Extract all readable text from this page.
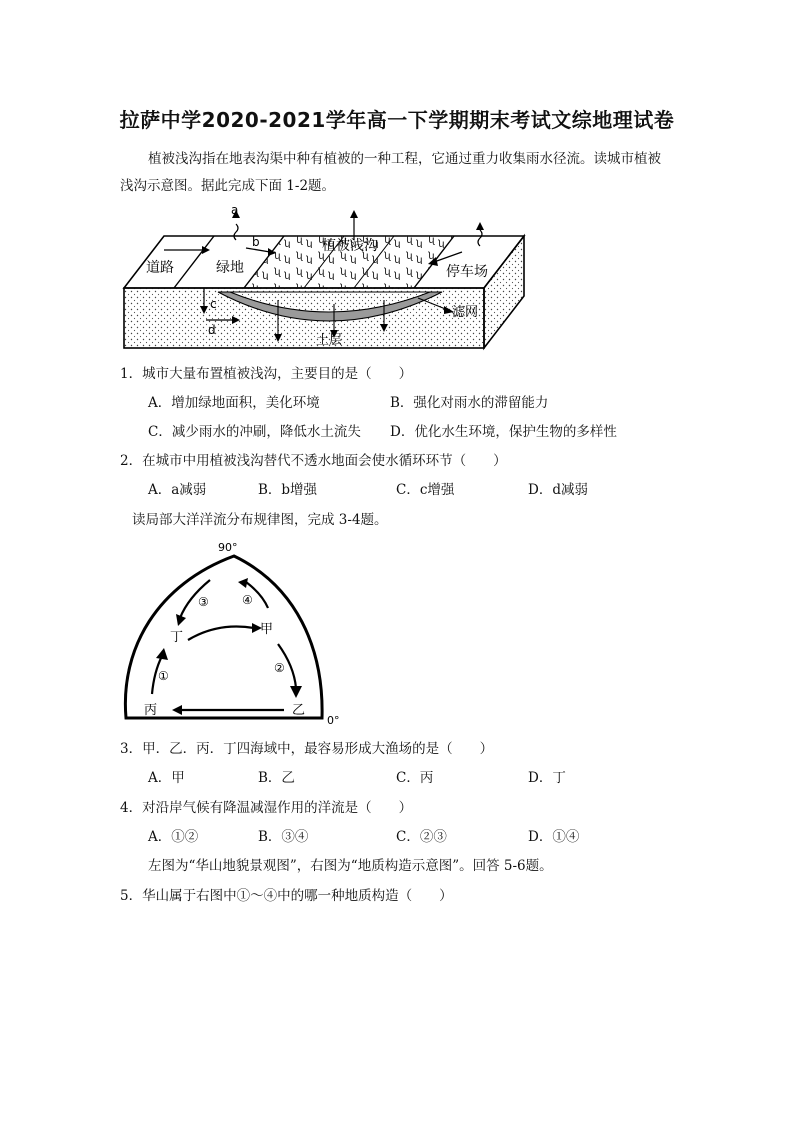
拉萨中学2020-2021学年高一下学期期末考试文综地理试卷
植被浅沟指在地表沟渠中种有植被的一种工程，它通过重力收集雨水径流。读城市植被
浅沟示意图。据此完成下面 1-2题。
道路	绿地
植被浅沟
停车场
滤网
土层
a
b
c
d
1．城市大量布置植被浅沟，主要目的是（　　）
A．增加绿地面积，美化环境	B．强化对雨水的滞留能力
C．减少雨水的冲刷，降低水土流失 D．优化水生环境，保护生物的多样性
2．在城市中用植被浅沟替代不透水地面会使水循环环节（　　）
A．a减弱	B．b增强	C．c增强	D．d减弱
读局部大洋洋流分布规律图，完成 3-4题。
90°
0°
甲
丁
丙	乙
①
②
③	④
3．甲．乙．丙．丁四海域中，最容易形成大渔场的是（　　）
A．甲	B．乙	C．丙	D．丁
4．对沿岸气候有降温减湿作用的洋流是（　　）
A．①②	B．③④	C．②③	D．①④
左图为“华山地貌景观图”，右图为“地质构造示意图”。回答 5-6题。
5．华山属于右图中①～④中的哪一种地质构造（　　）
